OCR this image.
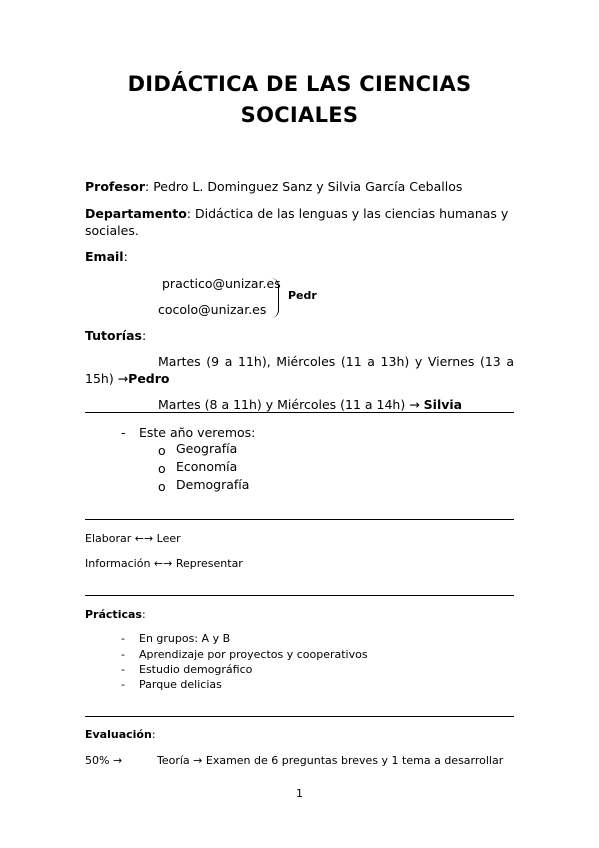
DIDÁCTICA DE LAS CIENCIAS
SOCIALES
Profesor: Pedro L. Dominguez Sanz y Silvia García Ceballos
Departamento: Didáctica de las lenguas y las ciencias humanas y
sociales.
Email:
practico@unizar.es
cocolo@unizar.es
Pedr
Tutorías:
Martes (9 a 11h), Miércoles (11 a 13h) y Viernes (13 a
15h) →Pedro
Martes (8 a 11h) y Miércoles (11 a 14h) → Silvia
- Este año veremos:
o Geografía
o Economía
o Demografía
Elaborar ←→ Leer
Información ←→ Representar
Prácticas:
- En grupos: A y B
- Aprendizaje por proyectos y cooperativos
- Estudio demográfico
- Parque delicias
Evaluación:
50% →	Teoría → Examen de 6 preguntas breves y 1 tema a desarrollar
1
